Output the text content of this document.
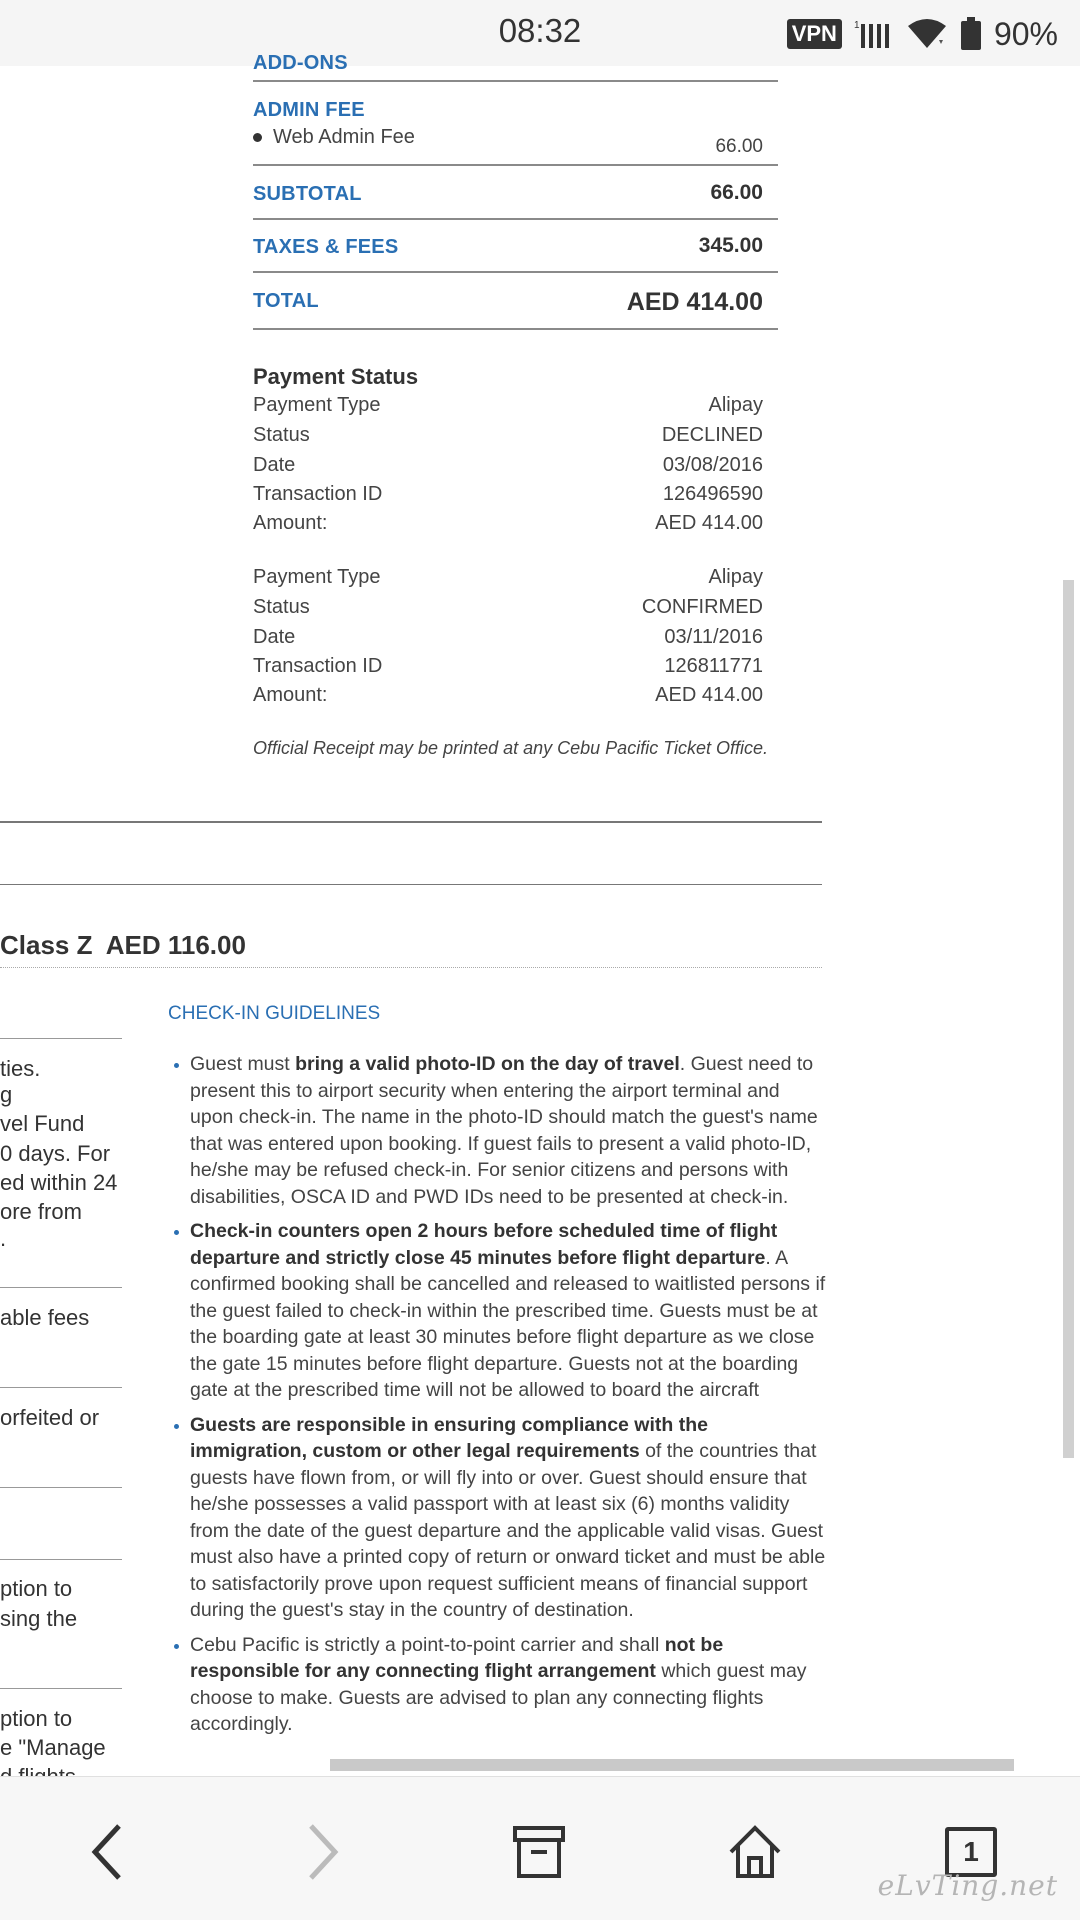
08:32	VPN	1	90%
ADD-ONS
ADMIN FEE
Web Admin Fee	66.00
SUBTOTAL	66.00
TAXES & FEES	345.00
TOTAL	AED 414.00
Payment Status
Payment Type	Alipay
Status	DECLINED
Date	03/08/2016
Transaction ID	126496590
Amount:	AED 414.00
Payment Type	Alipay
Status	CONFIRMED
Date	03/11/2016
Transaction ID	126811771
Amount:	AED 414.00
Official Receipt may be printed at any Cebu Pacific Ticket Office.
Class Z AED 116.00
ties.
g
vel Fund
0 days. For
ed within 24
ore from
.
able fees
orfeited or
ption to
sing the
ption to
e "Manage
CHECK-IN GUIDELINES
Guest must bring a valid photo-ID on the day of travel. Guest need to present this to airport security when entering the airport terminal and upon check-in. The name in the photo-ID should match the guest's name that was entered upon booking. If guest fails to present a valid photo-ID, he/she may be refused check-in. For senior citizens and persons with disabilities, OSCA ID and PWD IDs need to be presented at check-in.
Check-in counters open 2 hours before scheduled time of flight departure and strictly close 45 minutes before flight departure. A confirmed booking shall be cancelled and released to waitlisted persons if the guest failed to check-in within the prescribed time. Guests must be at the boarding gate at least 30 minutes before flight departure as we close the gate 15 minutes before flight departure. Guests not at the boarding gate at the prescribed time will not be allowed to board the aircraft
Guests are responsible in ensuring compliance with the immigration, custom or other legal requirements of the countries that guests have flown from, or will fly into or over. Guest should ensure that he/she possesses a valid passport with at least six (6) months validity from the date of the guest departure and the applicable valid visas. Guest must also have a printed copy of return or onward ticket and must be able to satisfactorily prove upon request sufficient means of financial support during the guest's stay in the country of destination.
Cebu Pacific is strictly a point-to-point carrier and shall not be responsible for any connecting flight arrangement which guest may choose to make. Guests are advised to plan any connecting flights accordingly.
1
eLvTing.net
